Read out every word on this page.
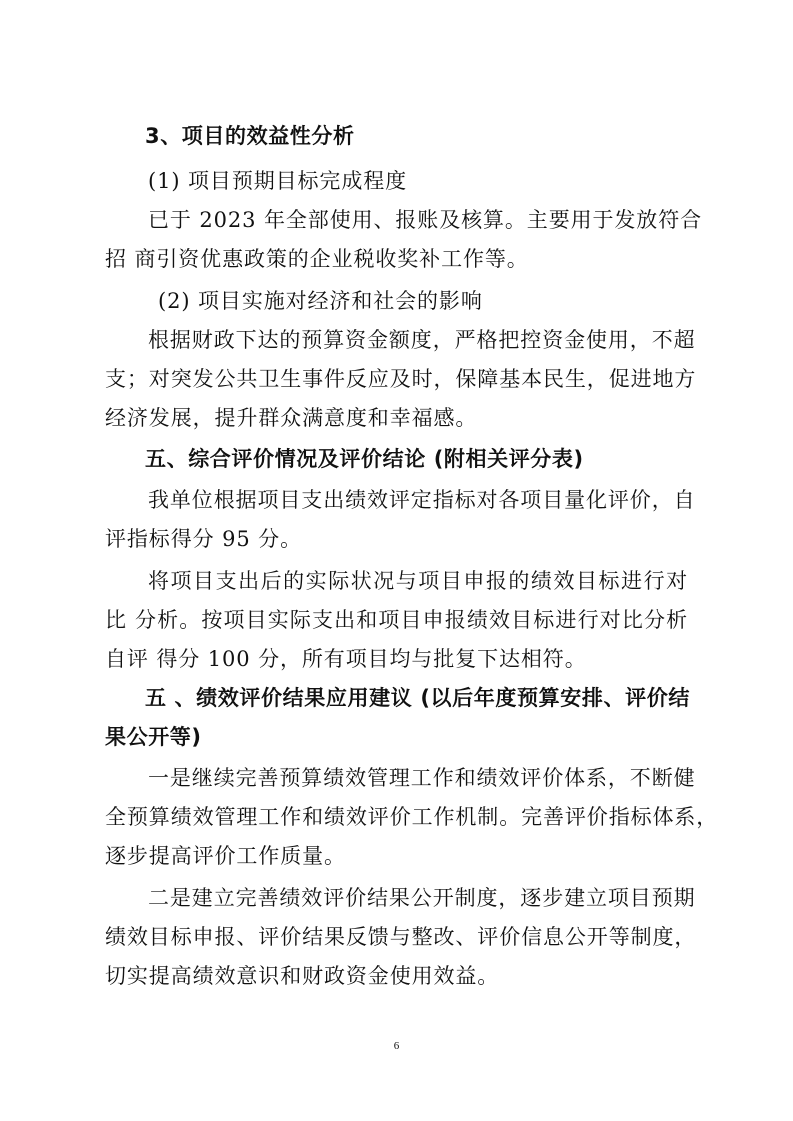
3、项目的效益性分析
(1) 项目预期目标完成程度
已于 2023 年全部使用、报账及核算。主要用于发放符合
招 商引资优惠政策的企业税收奖补工作等。
(2) 项目实施对经济和社会的影响
根据财政下达的预算资金额度，严格把控资金使用，不超
支；对突发公共卫生事件反应及时，保障基本民生，促进地方
经济发展，提升群众满意度和幸福感。
五、综合评价情况及评价结论 (附相关评分表)
我单位根据项目支出绩效评定指标对各项目量化评价，自
评指标得分 95 分。
将项目支出后的实际状况与项目申报的绩效目标进行对
比 分析。按项目实际支出和项目申报绩效目标进行对比分析
自评 得分 100 分，所有项目均与批复下达相符。
五 、绩效评价结果应用建议 (以后年度预算安排、评价结
果公开等)
一是继续完善预算绩效管理工作和绩效评价体系，不断健
全预算绩效管理工作和绩效评价工作机制。完善评价指标体系，
逐步提高评价工作质量。
二是建立完善绩效评价结果公开制度，逐步建立项目预期
绩效目标申报、评价结果反馈与整改、评价信息公开等制度，
切实提高绩效意识和财政资金使用效益。
6
